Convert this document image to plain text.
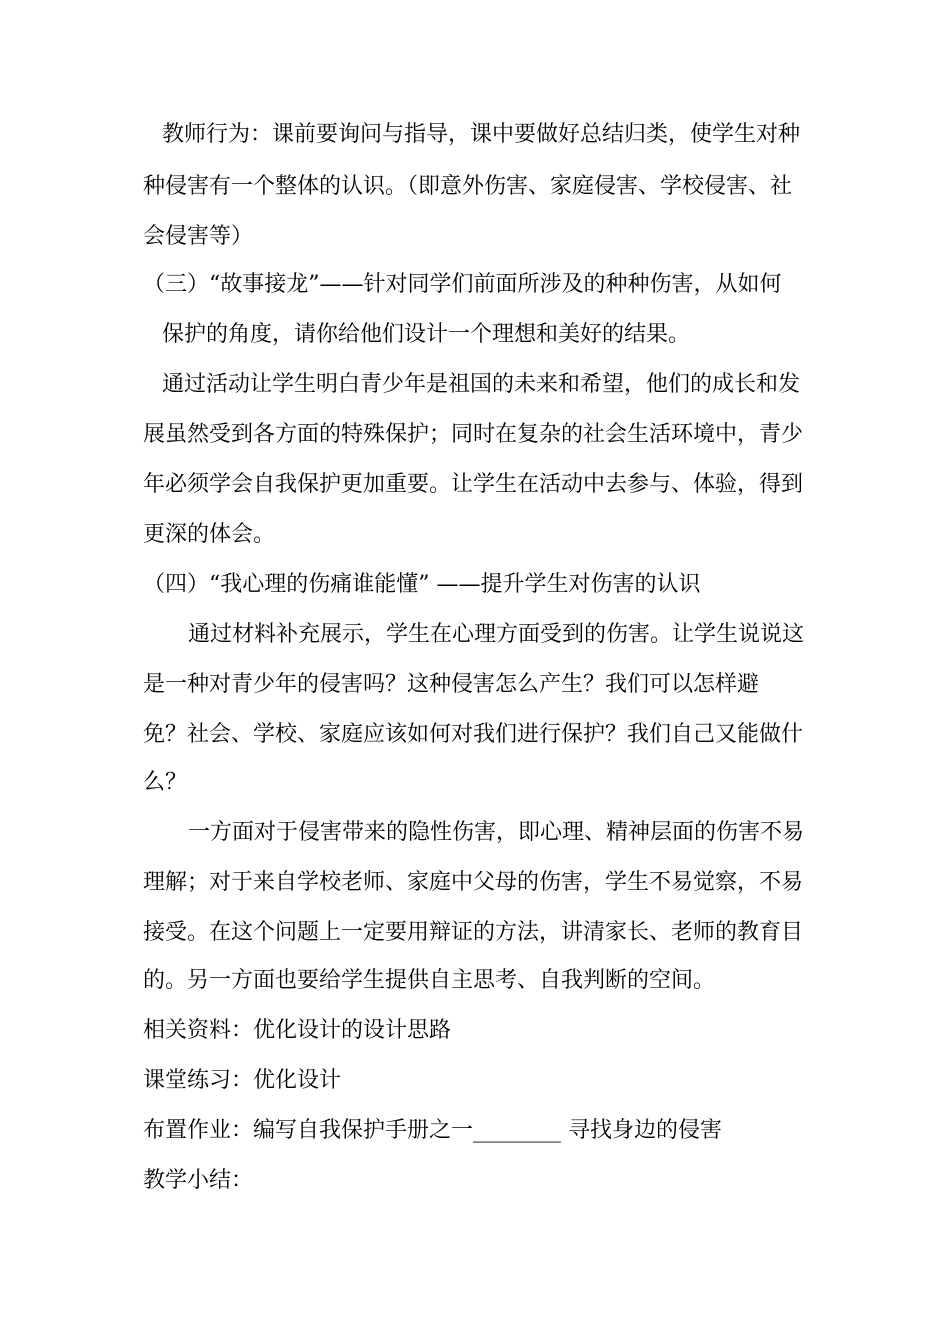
教师行为：课前要询问与指导，课中要做好总结归类，使学生对种
种侵害有一个整体的认识。（即意外伤害、家庭侵害、学校侵害、社
会侵害等）
（三）“故事接龙”——针对同学们前面所涉及的种种伤害，从如何
保护的角度，请你给他们设计一个理想和美好的结果。
通过活动让学生明白青少年是祖国的未来和希望，他们的成长和发
展虽然受到各方面的特殊保护；同时在复杂的社会生活环境中，青少
年必须学会自我保护更加重要。让学生在活动中去参与、体验，得到
更深的体会。
（四）“我心理的伤痛谁能懂” ——提升学生对伤害的认识
通过材料补充展示，学生在心理方面受到的伤害。让学生说说这
是一种对青少年的侵害吗？这种侵害怎么产生？我们可以怎样避
免？社会、学校、家庭应该如何对我们进行保护？我们自己又能做什
么？
一方面对于侵害带来的隐性伤害，即心理、精神层面的伤害不易
理解；对于来自学校老师、家庭中父母的伤害，学生不易觉察，不易
接受。在这个问题上一定要用辩证的方法，讲清家长、老师的教育目
的。另一方面也要给学生提供自主思考、自我判断的空间。
相关资料：优化设计的设计思路
课堂练习：优化设计
布置作业：编写自我保护手册之一________ 寻找身边的侵害
教学小结：
